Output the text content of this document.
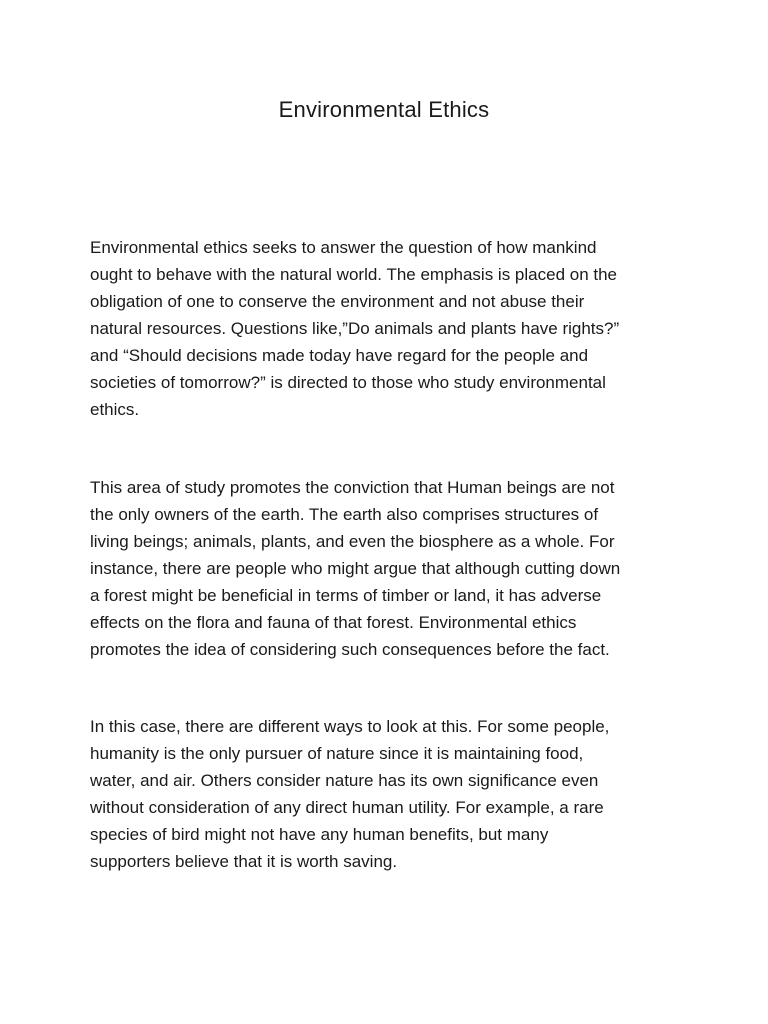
Environmental Ethics

Environmental ethics seeks to answer the question of how mankind
ought to behave with the natural world. The emphasis is placed on the
obligation of one to conserve the environment and not abuse their
natural resources. Questions like,”Do animals and plants have rights?”
and “Should decisions made today have regard for the people and
societies of tomorrow?” is directed to those who study environmental
ethics.

This area of study promotes the conviction that Human beings are not
the only owners of the earth. The earth also comprises structures of
living beings; animals, plants, and even the biosphere as a whole. For
instance, there are people who might argue that although cutting down
a forest might be beneficial in terms of timber or land, it has adverse
effects on the flora and fauna of that forest. Environmental ethics
promotes the idea of considering such consequences before the fact.

In this case, there are different ways to look at this. For some people,
humanity is the only pursuer of nature since it is maintaining food,
water, and air. Others consider nature has its own significance even
without consideration of any direct human utility. For example, a rare
species of bird might not have any human benefits, but many
supporters believe that it is worth saving.
